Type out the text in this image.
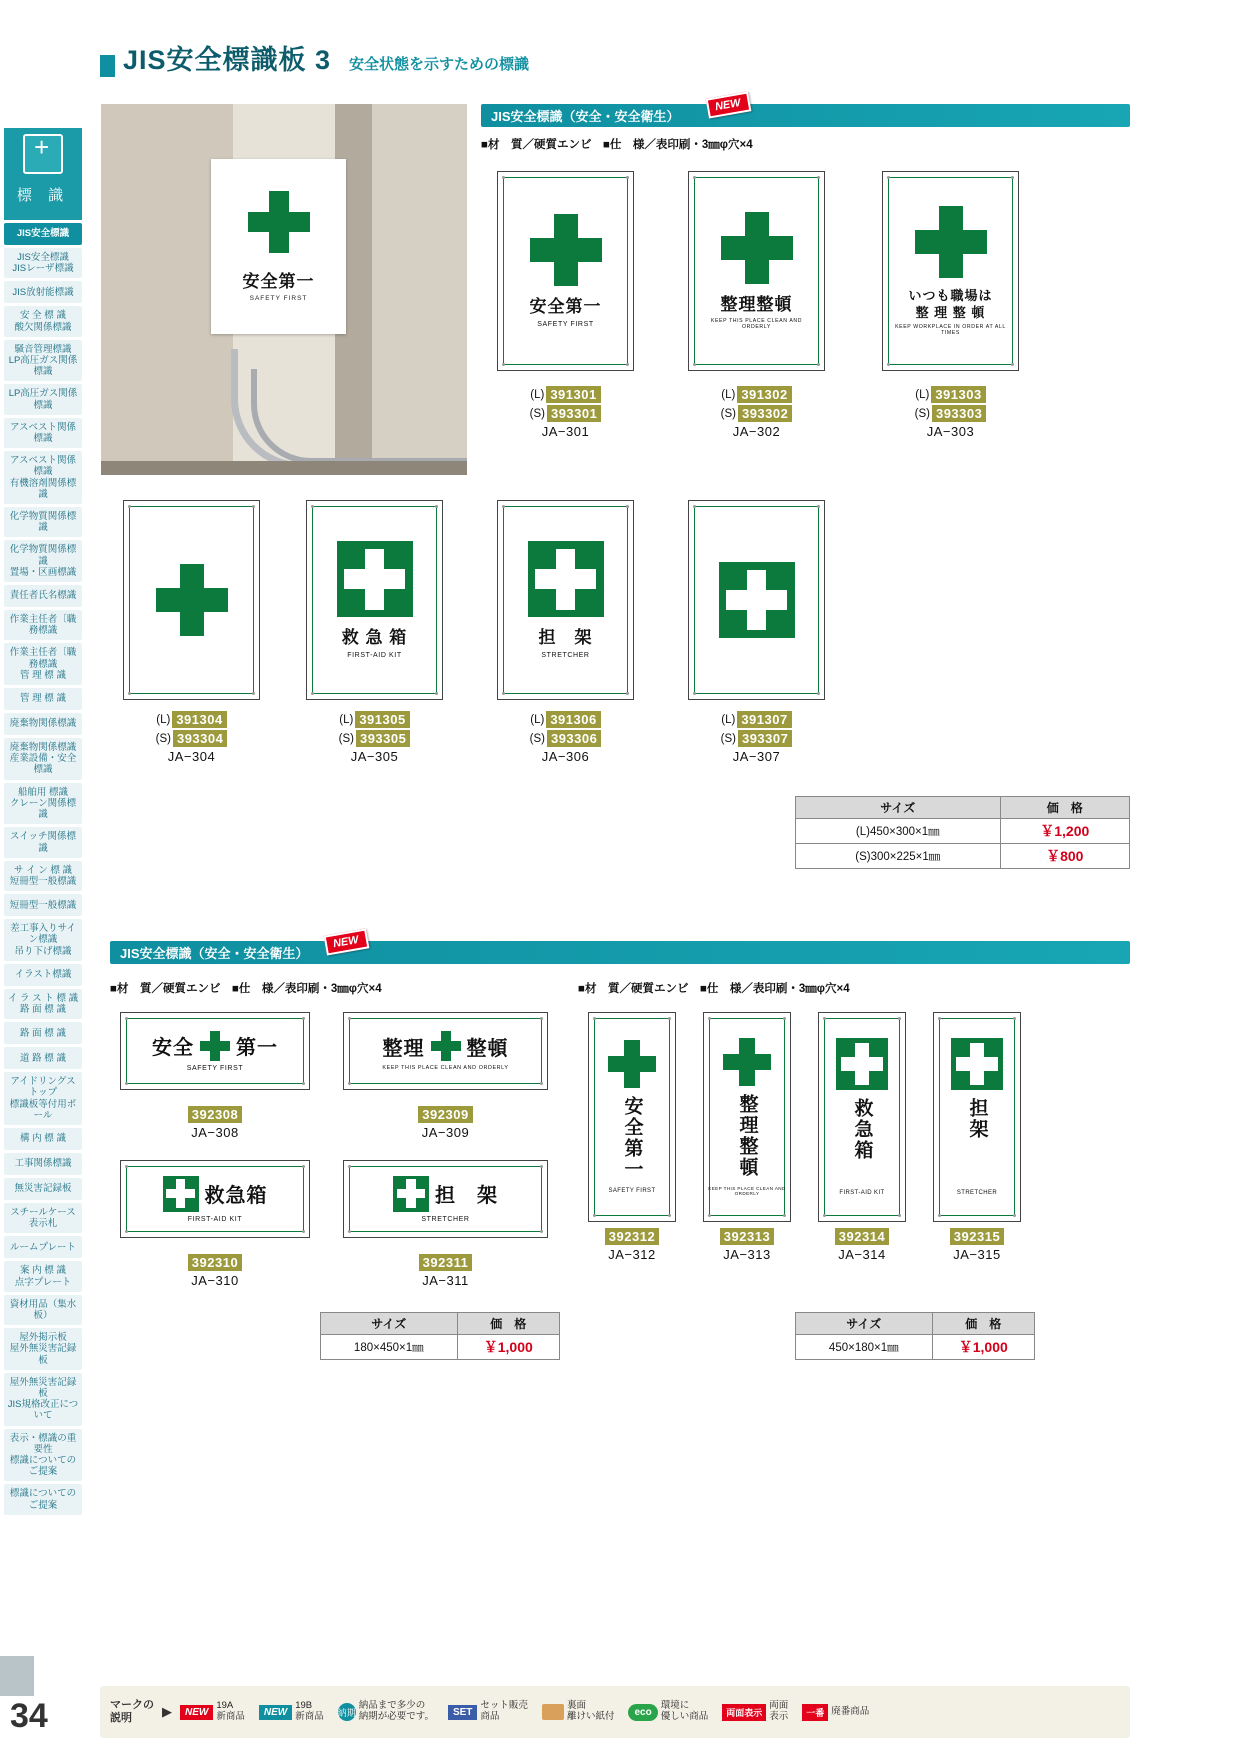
JIS安全標識板 3 安全状態を示すための標識
+
標 識
JIS安全標識
JIS安全標識
JISレーザ標識
JIS放射能標識
安 全 標 識
酸欠関係標識
騒音管理標識
LP高圧ガス関係標識
LP高圧ガス関係標識
アスベスト関係標識
アスベスト関係標識
有機溶剤関係標識
化学物質関係標識
化学物質関係標識
置場・区画標識
責任者氏名標識
作業主任者〔職務標識
作業主任者〔職務標識
管 理 標 識
管 理 標 識
廃棄物関係標識
廃棄物関係標識
産業設備・安全標識
船舶用 標識
クレーン関係標識
スイッチ関係標識
サ イ ン 標 識
短冊型一般標識
短冊型一般標識
差工事入りサイン標識
吊り下げ標識
イラスト標識
イ ラ ス ト 標 識
路 面 標 識
路 面 標 識
道 路 標 識
アイドリングストップ
標識板等付用ポール
構 内 標 識
工事関係標識
無災害記録板
スチールケース表示札
ルームプレート
案 内 標 識
点字プレート
資材用品（集水板）
屋外掲示板
屋外無災害記録板
屋外無災害記録板
JIS規格改正について
表示・標識の重要性
標識についてのご提案
標識についてのご提案
34
安全第一
SAFETY FIRST
JIS安全標識（安全・安全衛生）
NEW
■材　質／硬質エンビ　■仕　様／表印刷・3㎜φ穴×4
安全第一
SAFETY FIRST
(L) 391301
(S) 393301
JA−301
整理整頓
KEEP THIS PLACE CLEAN AND ORDERLY
(L) 391302
(S) 393302
JA−302
いつも職場は
整 理 整 頓
KEEP WORKPLACE IN ORDER AT ALL TIMES
(L) 391303
(S) 393303
JA−303
(L) 391304
(S) 393304
JA−304
救 急 箱
FIRST-AID KIT
(L) 391305
(S) 393305
JA−305
担　架
STRETCHER
(L) 391306
(S) 393306
JA−306
(L) 391307
(S) 393307
JA−307
サイズ	価　格
(L)450×300×1㎜	￥1,200
(S)300×225×1㎜	￥800
JIS安全標識（安全・安全衛生）
NEW
■材　質／硬質エンビ　■仕　様／表印刷・3㎜φ穴×4	■材　質／硬質エンビ　■仕　様／表印刷・3㎜φ穴×4
安全 第一
SAFETY FIRST
392308
JA−308
整理 整頓
KEEP THIS PLACE CLEAN AND ORDERLY
392309
JA−309
救急箱
FIRST-AID KIT
392310
JA−310
担　架
STRETCHER
392311
JA−311
安全第一
SAFETY FIRST
392312
JA−312
整理整頓
KEEP THIS PLACE CLEAN AND ORDERLY
392313
JA−313
救急箱
FIRST-AID KIT
392314
JA−314
担架
STRETCHER
392315
JA−315
サイズ	価　格
180×450×1㎜	￥1,000
サイズ	価　格
450×180×1㎜	￥1,000
マークの
説明	▶	NEW
19A
新商品	NEW
19B
新商品 納期
納品まで多少の
納期が必要です。	SET
セット販売
商品
裏面
離けい紙付	eco
環境に
優しい商品	両面表示
両面
表示	一番 廃番商品
